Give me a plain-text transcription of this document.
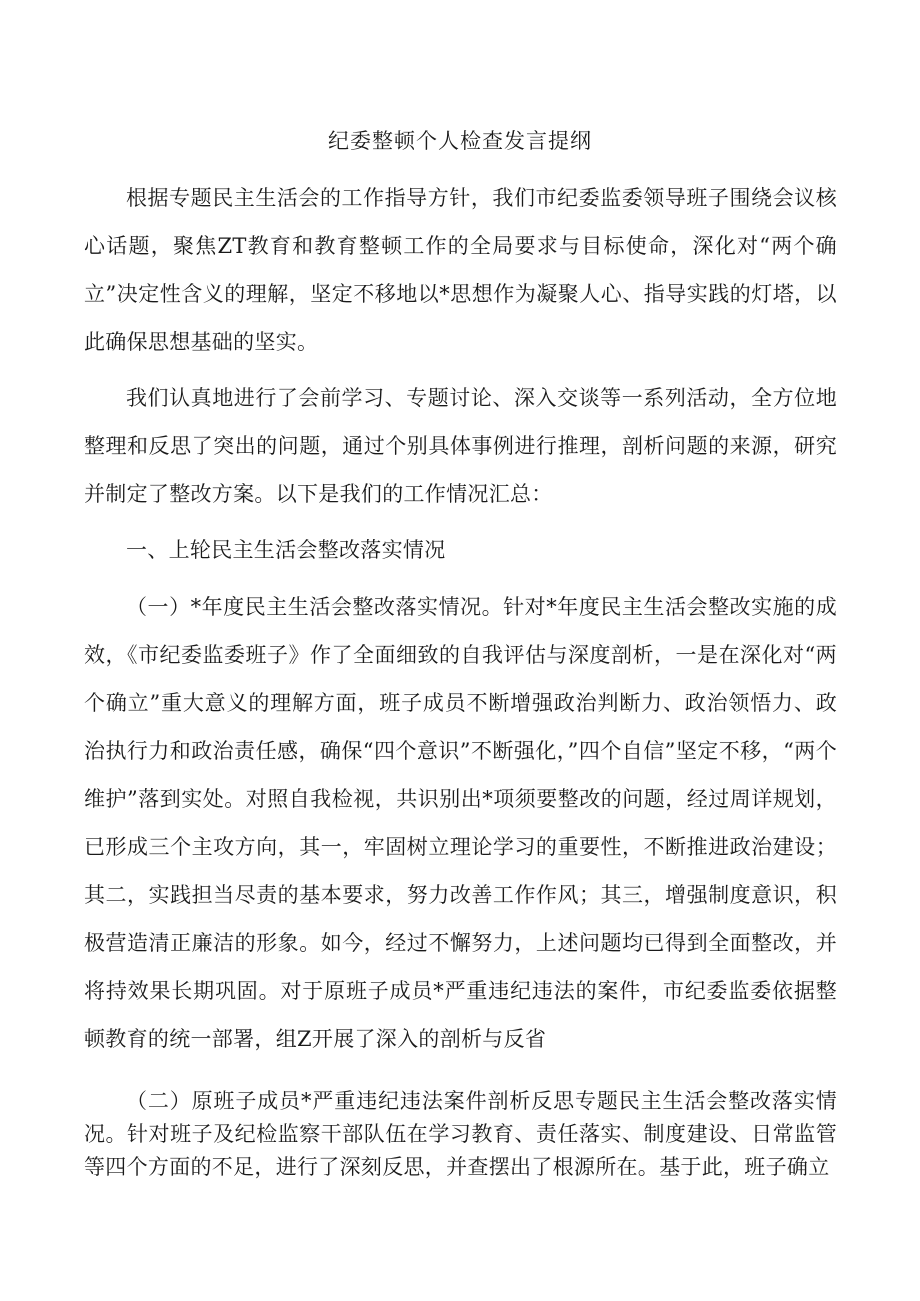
纪委整顿个人检查发言提纲

根据专题民主生活会的工作指导方针，我们市纪委监委领导班子围绕会议核心话题，聚焦ZT教育和教育整顿工作的全局要求与目标使命，深化对“两个确立”决定性含义的理解，坚定不移地以*思想作为凝聚人心、指导实践的灯塔，以此确保思想基础的坚实。

我们认真地进行了会前学习、专题讨论、深入交谈等一系列活动，全方位地整理和反思了突出的问题，通过个别具体事例进行推理，剖析问题的来源，研究并制定了整改方案。以下是我们的工作情况汇总：

一、上轮民主生活会整改落实情况

（一）*年度民主生活会整改落实情况。针对*年度民主生活会整改实施的成效，《市纪委监委班子》作了全面细致的自我评估与深度剖析，一是在深化对“两个确立”重大意义的理解方面，班子成员不断增强政治判断力、政治领悟力、政治执行力和政治责任感，确保“四个意识”不断强化，”四个自信”坚定不移，“两个维护”落到实处。对照自我检视，共识别出*项须要整改的问题，经过周详规划，已形成三个主攻方向，其一，牢固树立理论学习的重要性，不断推进政治建设；其二，实践担当尽责的基本要求，努力改善工作作风；其三，增强制度意识，积极营造清正廉洁的形象。如今，经过不懈努力，上述问题均已得到全面整改，并将持效果长期巩固。对于原班子成员*严重违纪违法的案件，市纪委监委依据整顿教育的统一部署，组Z开展了深入的剖析与反省

（二）原班子成员*严重违纪违法案件剖析反思专题民主生活会整改落实情况。针对班子及纪检监察干部队伍在学习教育、责任落实、制度建设、日常监管等四个方面的不足，进行了深刻反思，并查摆出了根源所在。基于此，班子确立
